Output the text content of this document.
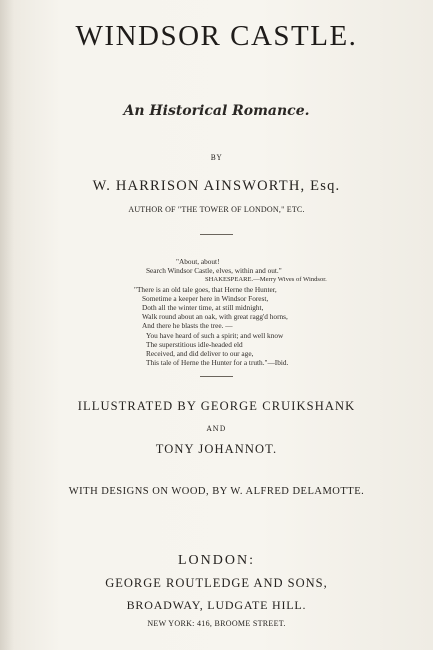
WINDSOR CASTLE.
An Historical Romance.
BY
W. HARRISON AINSWORTH, Esq.
AUTHOR OF "THE TOWER OF LONDON," ETC.
"About, about!
Search Windsor Castle, elves, within and out."
SHAKESPEARE.—Merry Wives of Windsor.
"There is an old tale goes, that Herne the Hunter,
Sometime a keeper here in Windsor Forest,
Doth all the winter time, at still midnight,
Walk round about an oak, with great ragg'd horns,
And there he blasts the tree. —
You have heard of such a spirit; and well know
The superstitious idle-headed eld
Received, and did deliver to our age,
This tale of Herne the Hunter for a truth."—Ibid.
ILLUSTRATED BY GEORGE CRUIKSHANK
AND
TONY JOHANNOT.
WITH DESIGNS ON WOOD, BY W. ALFRED DELAMOTTE.
LONDON:
GEORGE ROUTLEDGE AND SONS,
BROADWAY, LUDGATE HILL.
NEW YORK: 416, BROOME STREET.
